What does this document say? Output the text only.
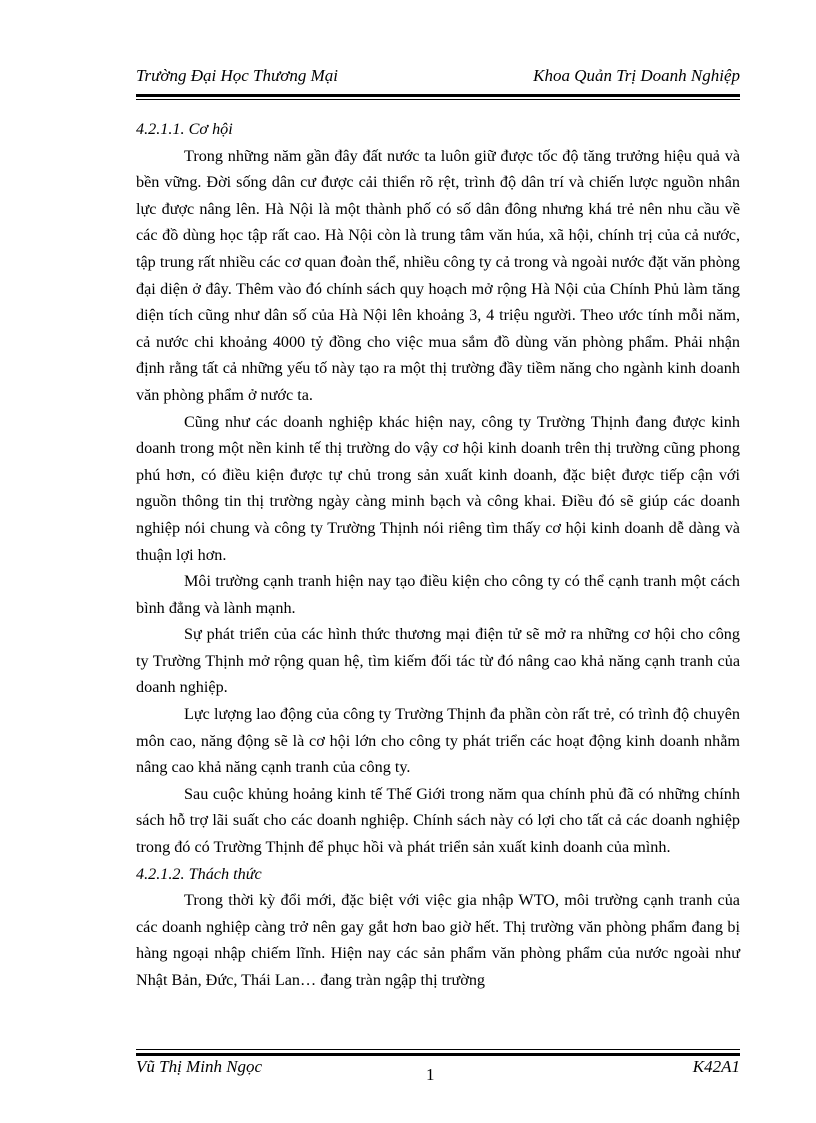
Trường Đại Học Thương Mại	Khoa Quản Trị Doanh Nghiệp
4.2.1.1. Cơ hội

Trong những năm gần đây đất nước ta luôn giữ được tốc độ tăng trưởng hiệu quả và bền vững. Đời sống dân cư được cải thiển rõ rệt, trình độ dân trí và chiến lược nguồn nhân lực được nâng lên. Hà Nội là một thành phố có số dân đông nhưng khá trẻ nên nhu cầu về các đồ dùng học tập rất cao. Hà Nội còn là trung tâm văn húa, xã hội, chính trị của cả nước, tập trung rất nhiều các cơ quan đoàn thể, nhiều công ty cả trong và ngoài nước đặt văn phòng đại diện ở đây. Thêm vào đó chính sách quy hoạch mở rộng Hà Nội của Chính Phủ làm tăng diện tích cũng như dân số của Hà Nội lên khoảng 3, 4 triệu người. Theo ước tính mỗi năm, cả nước chi khoảng 4000 tỷ đồng cho việc mua sắm đồ dùng văn phòng phẩm. Phải nhận định rằng tất cả những yếu tố này tạo ra một thị trường đầy tiềm năng cho ngành kinh doanh văn phòng phẩm ở nước ta.

Cũng như các doanh nghiệp khác hiện nay, công ty Trường Thịnh đang được kinh doanh trong một nền kinh tế thị trường do vậy cơ hội kinh doanh trên thị trường cũng phong phú hơn, có điều kiện được tự chủ trong sản xuất kinh doanh, đặc biệt được tiếp cận với nguồn thông tin thị trường ngày càng minh bạch và công khai. Điều đó sẽ giúp các doanh nghiệp nói chung và công ty Trường Thịnh nói riêng tìm thấy cơ hội kinh doanh dễ dàng và thuận lợi hơn.

Môi trường cạnh tranh hiện nay tạo điều kiện cho công ty có thể cạnh tranh một cách bình đẳng và lành mạnh.

Sự phát triển của các hình thức thương mại điện tử sẽ mở ra những cơ hội cho công ty Trường Thịnh mở rộng quan hệ, tìm kiếm đối tác từ đó nâng cao khả năng cạnh tranh của doanh nghiệp.

Lực lượng lao động của công ty Trường Thịnh đa phần còn rất trẻ, có trình độ chuyên môn cao, năng động sẽ là cơ hội lớn cho công ty phát triển các hoạt động kinh doanh nhằm nâng cao khả năng cạnh tranh của công ty.

Sau cuộc khủng hoảng kinh tế Thế Giới trong năm qua chính phủ đã có những chính sách hỗ trợ lãi suất cho các doanh nghiệp. Chính sách này có lợi cho tất cả các doanh nghiệp trong đó có Trường Thịnh để phục hồi và phát triển sản xuất kinh doanh của mình.

4.2.1.2. Thách thức

Trong thời kỳ đổi mới, đặc biệt với việc gia nhập WTO, môi trường cạnh tranh của các doanh nghiệp càng trở nên gay gắt hơn bao giờ hết. Thị trường văn phòng phẩm đang bị hàng ngoại nhập chiếm lĩnh. Hiện nay các sản phẩm văn phòng phẩm của nước ngoài như Nhật Bản, Đức, Thái Lan… đang tràn ngập thị trường

Vũ Thị Minh Ngọc	1	K42A1
